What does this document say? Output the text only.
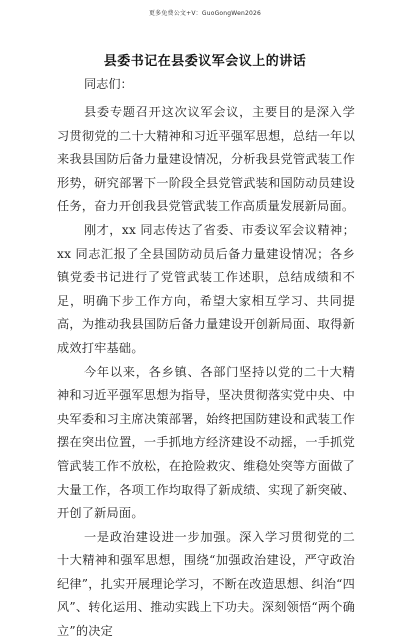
更多免费公文+V：GuoGongWen2026
县委书记在县委议军会议上的讲话
同志们：

县委专题召开这次议军会议，主要目的是深入学习贯彻党的二十大精神和习近平强军思想，总结一年以来我县国防后备力量建设情况，分析我县党管武装工作形势，研究部署下一阶段全县党管武装和国防动员建设任务，奋力开创我县党管武装工作高质量发展新局面。

刚才，xx 同志传达了省委、市委议军会议精神；xx 同志汇报了全县国防动员后备力量建设情况；各乡镇党委书记进行了党管武装工作述职，总结成绩和不足，明确下步工作方向，希望大家相互学习、共同提高，为推动我县国防后备力量建设开创新局面、取得新成效打牢基础。

今年以来，各乡镇、各部门坚持以党的二十大精神和习近平强军思想为指导，坚决贯彻落实党中央、中央军委和习主席决策部署，始终把国防建设和武装工作摆在突出位置，一手抓地方经济建设不动摇，一手抓党管武装工作不放松，在抢险救灾、维稳处突等方面做了大量工作，各项工作均取得了新成绩、实现了新突破、开创了新局面。

一是政治建设进一步加强。深入学习贯彻党的二十大精神和强军思想，围绕“加强政治建设，严守政治纪律”，扎实开展理论学习，不断在改造思想、纠治“四风”、转化运用、推动实践上下功夫。深刻领悟“两个确立”的决定
